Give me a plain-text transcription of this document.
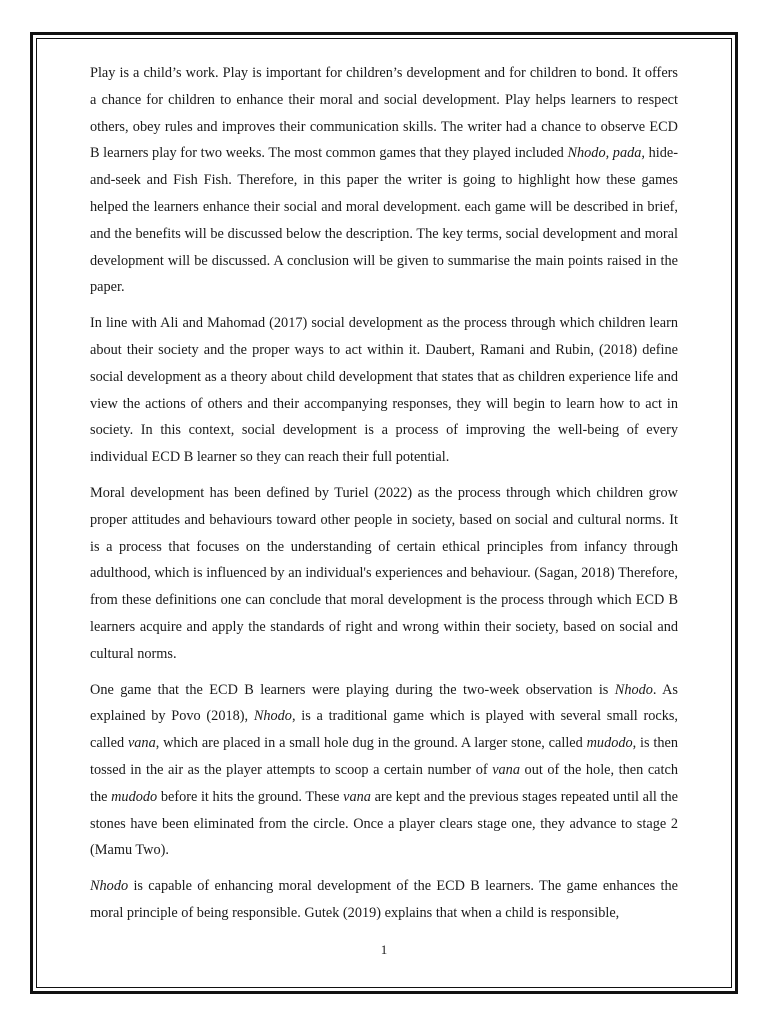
Play is a child’s work. Play is important for children’s development and for children to bond. It offers a chance for children to enhance their moral and social development. Play helps learners to respect others, obey rules and improves their communication skills. The writer had a chance to observe ECD B learners play for two weeks. The most common games that they played included Nhodo, pada, hide-and-seek and Fish Fish. Therefore, in this paper the writer is going to highlight how these games helped the learners enhance their social and moral development. each game will be described in brief, and the benefits will be discussed below the description. The key terms, social development and moral development will be discussed. A conclusion will be given to summarise the main points raised in the paper.

In line with Ali and Mahomad (2017) social development as the process through which children learn about their society and the proper ways to act within it. Daubert, Ramani and Rubin, (2018) define social development as a theory about child development that states that as children experience life and view the actions of others and their accompanying responses, they will begin to learn how to act in society. In this context, social development is a process of improving the well-being of every individual ECD B learner so they can reach their full potential.

Moral development has been defined by Turiel (2022) as the process through which children grow proper attitudes and behaviours toward other people in society, based on social and cultural norms. It is a process that focuses on the understanding of certain ethical principles from infancy through adulthood, which is influenced by an individual's experiences and behaviour. (Sagan, 2018) Therefore, from these definitions one can conclude that moral development is the process through which ECD B learners acquire and apply the standards of right and wrong within their society, based on social and cultural norms.

One game that the ECD B learners were playing during the two-week observation is Nhodo. As explained by Povo (2018), Nhodo, is a traditional game which is played with several small rocks, called vana, which are placed in a small hole dug in the ground. A larger stone, called mudodo, is then tossed in the air as the player attempts to scoop a certain number of vana out of the hole, then catch the mudodo before it hits the ground. These vana are kept and the previous stages repeated until all the stones have been eliminated from the circle. Once a player clears stage one, they advance to stage 2 (Mamu Two).

Nhodo is capable of enhancing moral development of the ECD B learners. The game enhances the moral principle of being responsible. Gutek (2019) explains that when a child is responsible,

1
